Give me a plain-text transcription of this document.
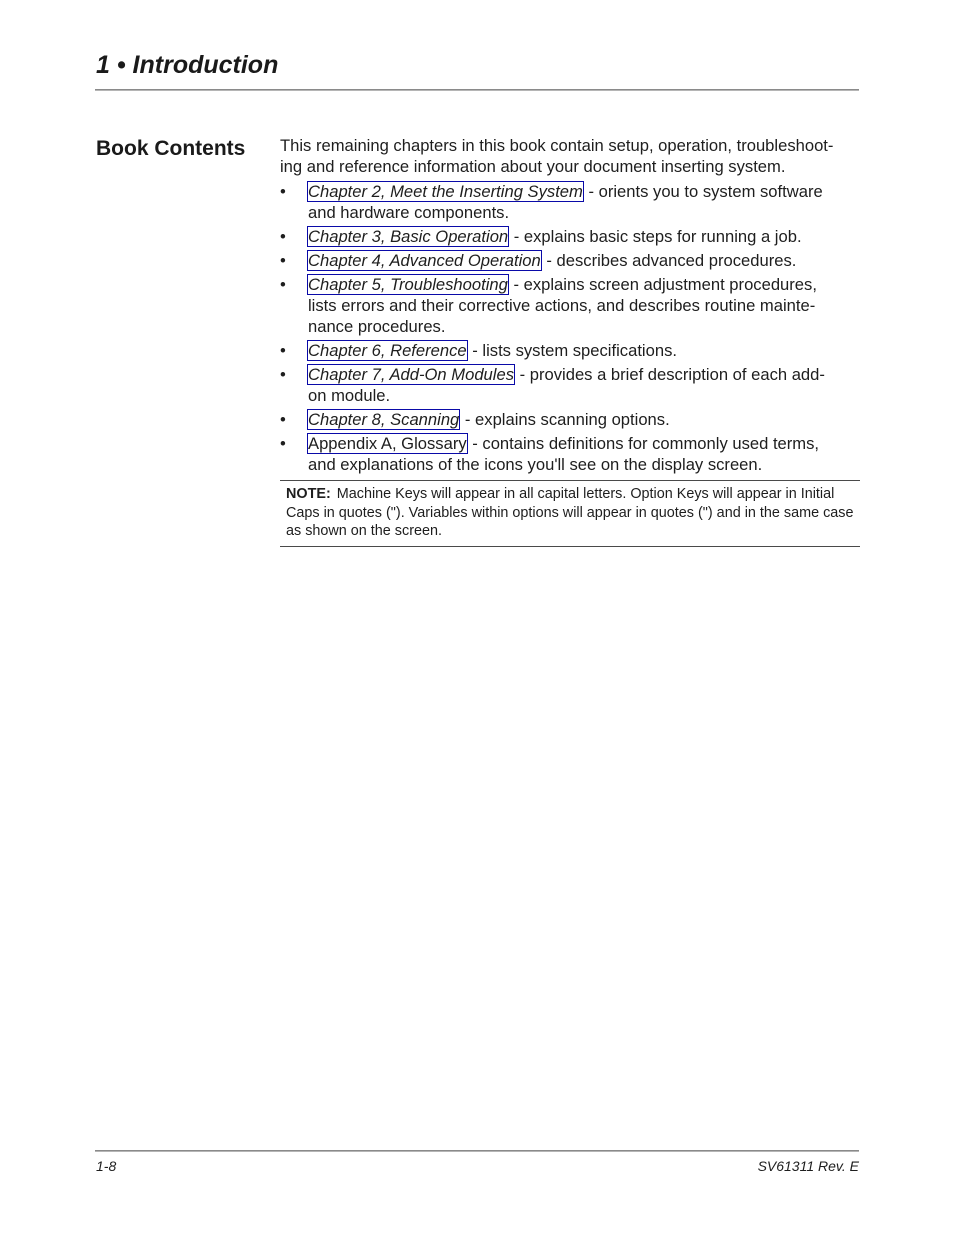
1 • Introduction
Book Contents This remaining chapters in this book contain setup, operation, troubleshoot-ing and reference information about your document inserting system.

• Chapter 2, Meet the Inserting System - orients you to system software and hardware components.
• Chapter 3, Basic Operation - explains basic steps for running a job.
• Chapter 4, Advanced Operation - describes advanced procedures.
• Chapter 5, Troubleshooting - explains screen adjustment procedures, lists errors and their corrective actions, and describes routine mainte-nance procedures.
• Chapter 6, Reference - lists system specifications.
• Chapter 7, Add-On Modules - provides a brief description of each add-on module.
• Chapter 8, Scanning - explains scanning options.
• Appendix A, Glossary - contains definitions for commonly used terms, and explanations of the icons you'll see on the display screen.
NOTE: Machine Keys will appear in all capital letters. Option Keys will appear in Initial Caps in quotes ("). Variables within options will appear in quotes (") and in the same case as shown on the screen.
1-8	SV61311 Rev. E
